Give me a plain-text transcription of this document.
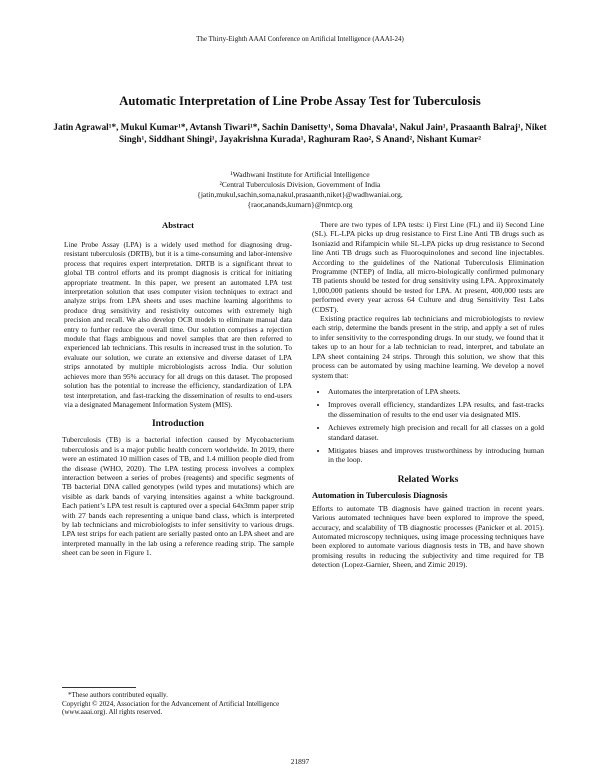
The Thirty-Eighth AAAI Conference on Artificial Intelligence (AAAI-24)
Automatic Interpretation of Line Probe Assay Test for Tuberculosis
Jatin Agrawal¹*, Mukul Kumar¹*, Avtansh Tiwari¹*, Sachin Danisetty¹, Soma Dhavala¹, Nakul Jain¹, Prasaanth Balraj¹, Niket Singh¹, Siddhant Shingi¹, Jayakrishna Kurada¹, Raghuram Rao², S Anand², Nishant Kumar²
¹Wadhwani Institute for Artificial Intelligence
²Central Tuberculosis Division, Government of India
{jatin,mukul,sachin,soma,nakul,prasaanth,niket}@wadhwaniai.org,
{raor,anands,kumarn}@nmtcp.org
Abstract

Line Probe Assay (LPA) is a widely used method for diagnosing drug-resistant tuberculosis (DRTB), but it is a time-consuming and labor-intensive process that requires expert interpretation. DRTB is a significant threat to global TB control efforts and its prompt diagnosis is critical for initiating appropriate treatment. In this paper, we present an automated LPA test interpretation solution that uses computer vision techniques to extract and analyze strips from LPA sheets and uses machine learning algorithms to produce drug sensitivity and resistivity outcomes with extremely high precision and recall. We also develop OCR models to eliminate manual data entry to further reduce the overall time. Our solution comprises a rejection module that flags ambiguous and novel samples that are then referred to experienced lab technicians. This results in increased trust in the solution. To evaluate our solution, we curate an extensive and diverse dataset of LPA strips annotated by multiple microbiologists across India. Our solution achieves more than 95% accuracy for all drugs on this dataset. The proposed solution has the potential to increase the efficiency, standardization of LPA test interpretation, and fast-tracking the dissemination of results to end-users via a designated Management Information System (MIS).

Introduction

Tuberculosis (TB) is a bacterial infection caused by Mycobacterium tuberculosis and is a major public health concern worldwide. In 2019, there were an estimated 10 million cases of TB, and 1.4 million people died from the disease (WHO, 2020). The LPA testing process involves a complex interaction between a series of probes (reagents) and specific segments of TB bacterial DNA called genotypes (wild types and mutations) which are visible as dark bands of varying intensities against a white background. Each patient’s LPA test result is captured over a special 64x3mm paper strip with 27 bands each representing a unique band class, which is interpreted by lab technicians and microbiologists to infer sensitivity to various drugs. LPA test strips for each patient are serially pasted onto an LPA sheet and are interpreted manually in the lab using a reference reading strip. The sample sheet can be seen in Figure 1.

There are two types of LPA tests: i) First Line (FL) and ii) Second Line (SL). FL-LPA picks up drug resistance to First Line Anti TB drugs such as Isoniazid and Rifampicin while SL-LPA picks up drug resistance to Second line Anti TB drugs such as Fluoroquinolones and second line injectables. According to the guidelines of the National Tuberculosis Elimination Programme (NTEP) of India, all micro-biologically confirmed pulmonary TB patients should be tested for drug sensitivity using LPA. Approximately 1,000,000 patients should be tested for LPA. At present, 400,000 tests are performed every year across 64 Culture and drug Sensitivity Test Labs (CDST).

Existing practice requires lab technicians and microbiologists to review each strip, determine the bands present in the strip, and apply a set of rules to infer sensitivity to the corresponding drugs. In our study, we found that it takes up to an hour for a lab technician to read, interpret, and tabulate an LPA sheet containing 24 strips. Through this solution, we show that this process can be automated by using machine learning. We develop a novel system that:

• Automates the interpretation of LPA sheets.
• Improves overall efficiency, standardizes LPA results, and fast-tracks the dissemination of results to the end user via designated MIS.
• Achieves extremely high precision and recall for all classes on a gold standard dataset.
• Mitigates biases and improves trustworthiness by introducing human in the loop.
Related Works
Automation in Tuberculosis Diagnosis

Efforts to automate TB diagnosis have gained traction in recent years. Various automated techniques have been explored to improve the speed, accuracy, and scalability of TB diagnostic processes (Panicker et al. 2015). Automated microscopy techniques, using image processing techniques have been explored to automate various diagnosis tests in TB, and have shown promising results in reducing the subjectivity and time required for TB detection (Lopez-Garnier, Sheen, and Zimic 2019).

*These authors contributed equally.
Copyright © 2024, Association for the Advancement of Artificial Intelligence (www.aaai.org). All rights reserved.
21897
